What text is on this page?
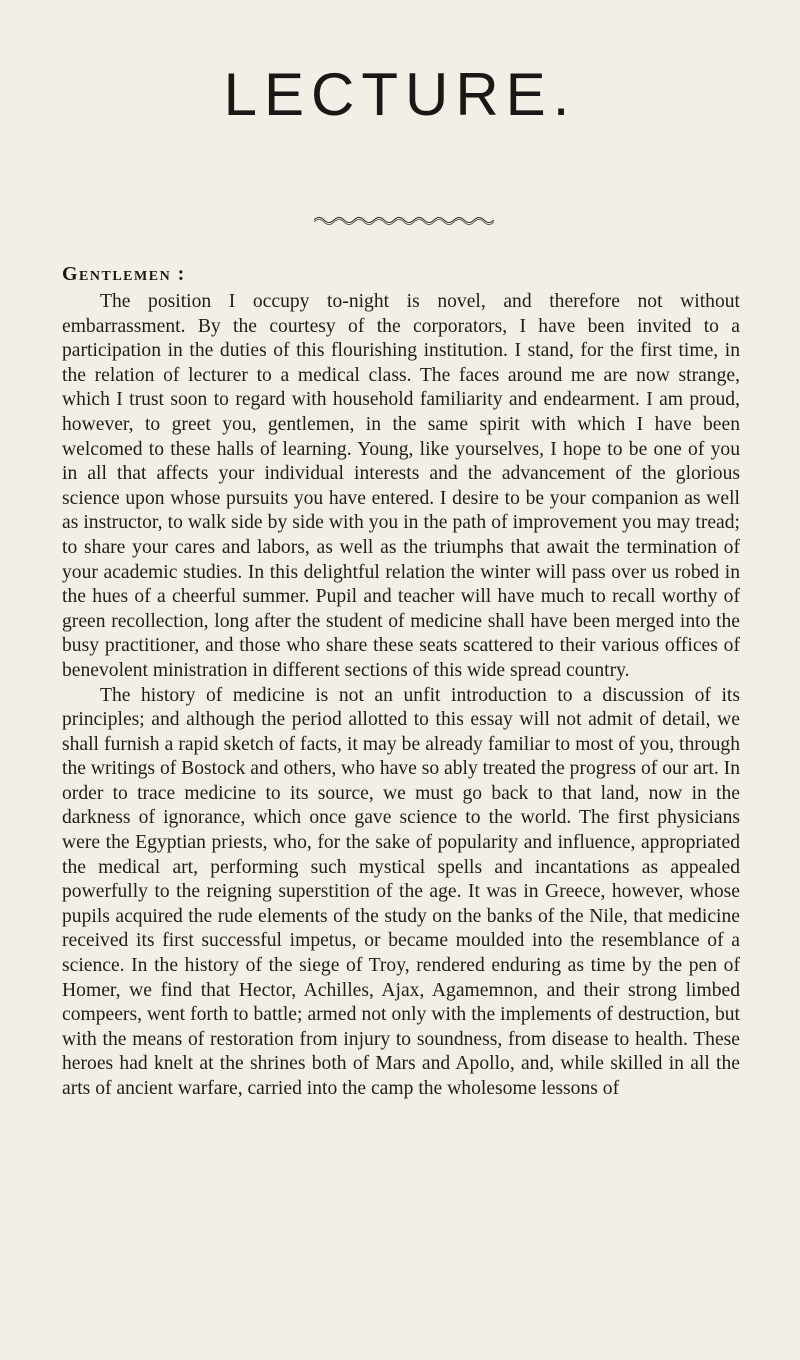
LECTURE.
Gentlemen :

The position I occupy to-night is novel, and therefore not without embarrassment. By the courtesy of the corporators, I have been invited to a participation in the duties of this flourishing institution. I stand, for the first time, in the relation of lecturer to a medical class. The faces around me are now strange, which I trust soon to regard with household familiarity and endearment. I am proud, however, to greet you, gentlemen, in the same spirit with which I have been welcomed to these halls of learning. Young, like yourselves, I hope to be one of you in all that affects your individual interests and the advancement of the glorious science upon whose pursuits you have entered. I desire to be your companion as well as instructor, to walk side by side with you in the path of improvement you may tread; to share your cares and labors, as well as the triumphs that await the termination of your academic studies. In this delightful relation the winter will pass over us robed in the hues of a cheerful summer. Pupil and teacher will have much to recall worthy of green recollection, long after the student of medicine shall have been merged into the busy practitioner, and those who share these seats scattered to their various offices of benevolent ministration in different sections of this wide spread country.

The history of medicine is not an unfit introduction to a discussion of its principles; and although the period allotted to this essay will not admit of detail, we shall furnish a rapid sketch of facts, it may be already familiar to most of you, through the writings of Bostock and others, who have so ably treated the progress of our art. In order to trace medicine to its source, we must go back to that land, now in the darkness of ignorance, which once gave science to the world. The first physicians were the Egyptian priests, who, for the sake of popularity and influence, appropriated the medical art, performing such mystical spells and incantations as appealed powerfully to the reigning superstition of the age. It was in Greece, however, whose pupils acquired the rude elements of the study on the banks of the Nile, that medicine received its first successful impetus, or became moulded into the resemblance of a science. In the history of the siege of Troy, rendered enduring as time by the pen of Homer, we find that Hector, Achilles, Ajax, Agamemnon, and their strong limbed compeers, went forth to battle; armed not only with the implements of destruction, but with the means of restoration from injury to soundness, from disease to health. These heroes had knelt at the shrines both of Mars and Apollo, and, while skilled in all the arts of ancient warfare, carried into the camp the wholesome lessons of
